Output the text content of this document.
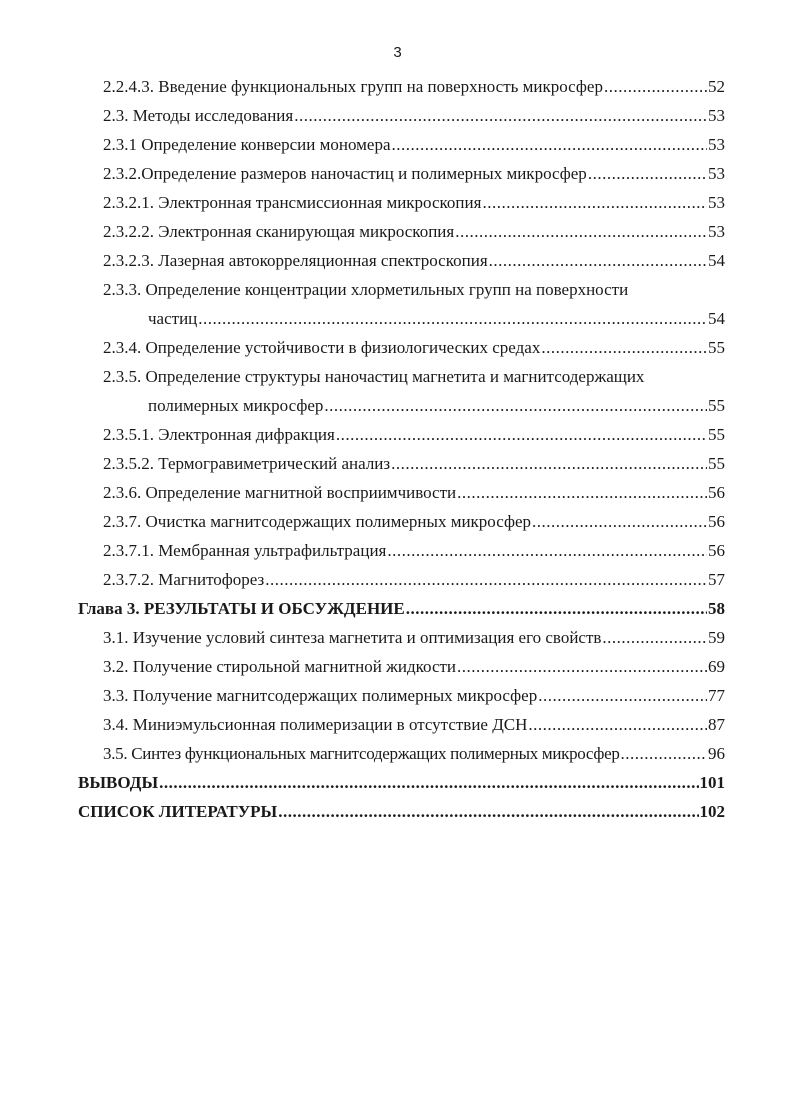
3
2.2.4.3. Введение функциональных групп на поверхность микросфер .....	52
2.3. Методы исследования .....	53
2.3.1 Определение конверсии мономера .....	53
2.3.2.Определение размеров наночастиц и полимерных микросфер .....	53
2.3.2.1. Электронная трансмиссионная микроскопия .....	53
2.3.2.2. Электронная сканирующая микроскопия .....	53
2.3.2.3. Лазерная автокорреляционная спектроскопия .....	54
2.3.3. Определение концентрации хлорметильных групп на поверхности
частиц .....	54
2.3.4. Определение устойчивости в физиологических средах .....	55
2.3.5. Определение структуры наночастиц магнетита и магнитсодержащих
полимерных микросфер .....	55
2.3.5.1. Электронная дифракция .....	55
2.3.5.2. Термогравиметрический анализ .....	55
2.3.6. Определение магнитной восприимчивости .....	56
2.3.7. Очистка магнитсодержащих полимерных микросфер .....	56
2.3.7.1. Мембранная ультрафильтрация .....	56
2.3.7.2. Магнитофорез .....	57
Глава 3. РЕЗУЛЬТАТЫ И ОБСУЖДЕНИЕ .....	58
3.1. Изучение условий синтеза магнетита и оптимизация его свойств .....	59
3.2. Получение стирольной магнитной жидкости .....	69
3.3. Получение магнитсодержащих полимерных микросфер .....	77
3.4. Миниэмульсионная полимеризации в отсутствие ДСН .....	87
3.5. Синтез функциональных магнитсодержащих полимерных микросфер .....	96
ВЫВОДЫ .....	101
СПИСОК ЛИТЕРАТУРЫ .....	102
